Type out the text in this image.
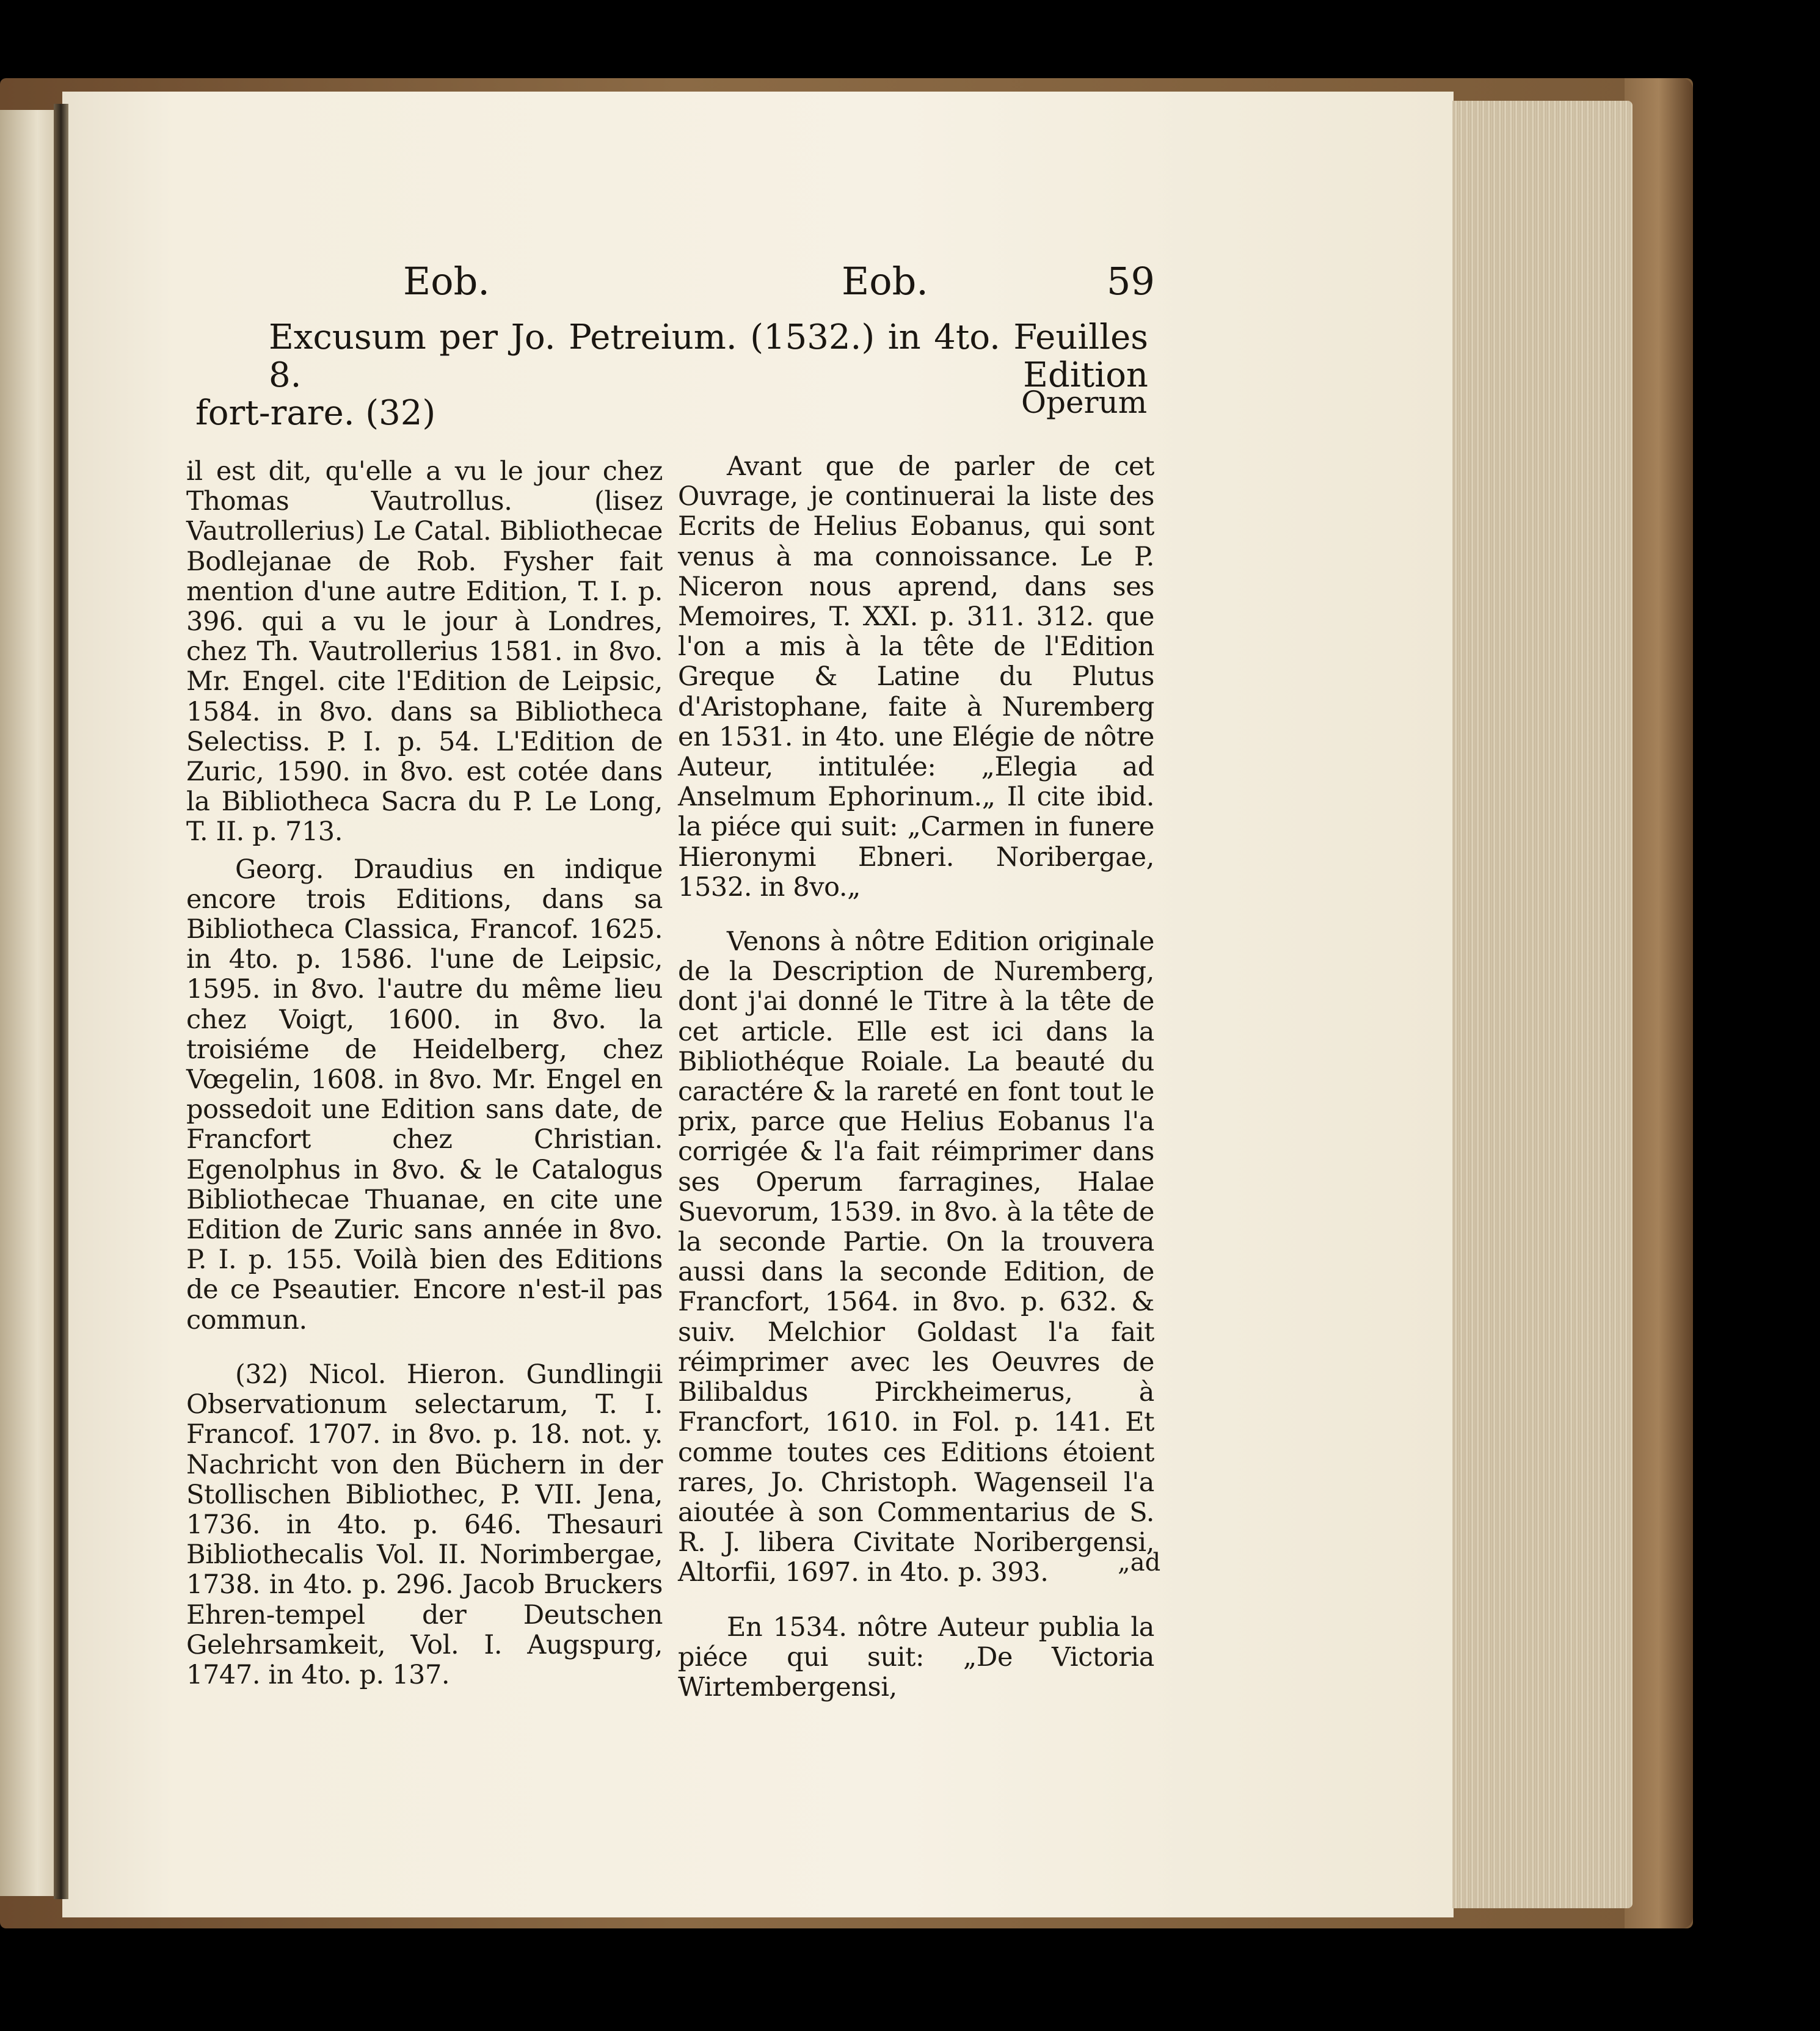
Eob.	Eob.	59
Excusum per Jo. Petreium. (1532.) in 4to. Feuilles 8. Edition
fort-rare. (32)	Operum

il est dit, qu'elle a vu le jour chez Thomas Vautrollus. (lisez Vautrollerius) Le Catal. Bibliothecae Bodlejanae de Rob. Fysher fait mention d'une autre Edition, T. I. p. 396. qui a vu le jour à Londres, chez Th. Vautrollerius 1581. in 8vo. Mr. Engel. cite l'Edition de Leipsic, 1584. in 8vo. dans sa Bibliotheca Selectiss. P. I. p. 54. L'Edition de Zuric, 1590. in 8vo. est cotée dans la Bibliotheca Sacra du P. Le Long, T. II. p. 713.

Georg. Draudius en indique encore trois Editions, dans sa Bibliotheca Classica, Francof. 1625. in 4to. p. 1586. l'une de Leipsic, 1595. in 8vo. l'autre du même lieu chez Voigt, 1600. in 8vo. la troisiéme de Heidelberg, chez Vœgelin, 1608. in 8vo. Mr. Engel en possedoit une Edition sans date, de Francfort chez Christian. Egenolphus in 8vo. & le Catalogus Bibliothecae Thuanae, en cite une Edition de Zuric sans année in 8vo. P. I. p. 155. Voilà bien des Editions de ce Pseautier. Encore n'est-il pas commun.

(32) Nicol. Hieron. Gundlingii Observationum selectarum, T. I. Francof. 1707. in 8vo. p. 18. not. y. Nachricht von den Büchern in der Stollischen Bibliothec, P. VII. Jena, 1736. in 4to. p. 646. Thesauri Bibliothecalis Vol. II. Norimbergae, 1738. in 4to. p. 296. Jacob Bruckers Ehren-tempel der Deutschen Gelehrsamkeit, Vol. I. Augspurg, 1747. in 4to. p. 137.

Avant que de parler de cet Ouvrage, je continuerai la liste des Ecrits de Helius Eobanus, qui sont venus à ma connoissance. Le P. Niceron nous aprend, dans ses Memoires, T. XXI. p. 311. 312. que l'on a mis à la tête de l'Edition Greque & Latine du Plutus d'Aristophane, faite à Nuremberg en 1531. in 4to. une Elégie de nôtre Auteur, intitulée: „Elegia ad Anselmum Ephorinum.„ Il cite ibid. la piéce qui suit: „Carmen in funere Hieronymi Ebneri. Noribergae, 1532. in 8vo.„

Venons à nôtre Edition originale de la Description de Nuremberg, dont j'ai donné le Titre à la tête de cet article. Elle est ici dans la Bibliothéque Roiale. La beauté du caractére & la rareté en font tout le prix, parce que Helius Eobanus l'a corrigée & l'a fait réimprimer dans ses Operum farragines, Halae Suevorum, 1539. in 8vo. à la tête de la seconde Partie. On la trouvera aussi dans la seconde Edition, de Francfort, 1564. in 8vo. p. 632. & suiv. Melchior Goldast l'a fait réimprimer avec les Oeuvres de Bilibaldus Pirckheimerus, à Francfort, 1610. in Fol. p. 141. Et comme toutes ces Editions étoient rares, Jo. Christoph. Wagenseil l'a aioutée à son Commentarius de S. R. J. libera Civitate Noribergensi, Altorfii, 1697. in 4to. p. 393.

En 1534. nôtre Auteur publia la piéce qui suit: „De Victoria Wirtembergensi,

„ad
